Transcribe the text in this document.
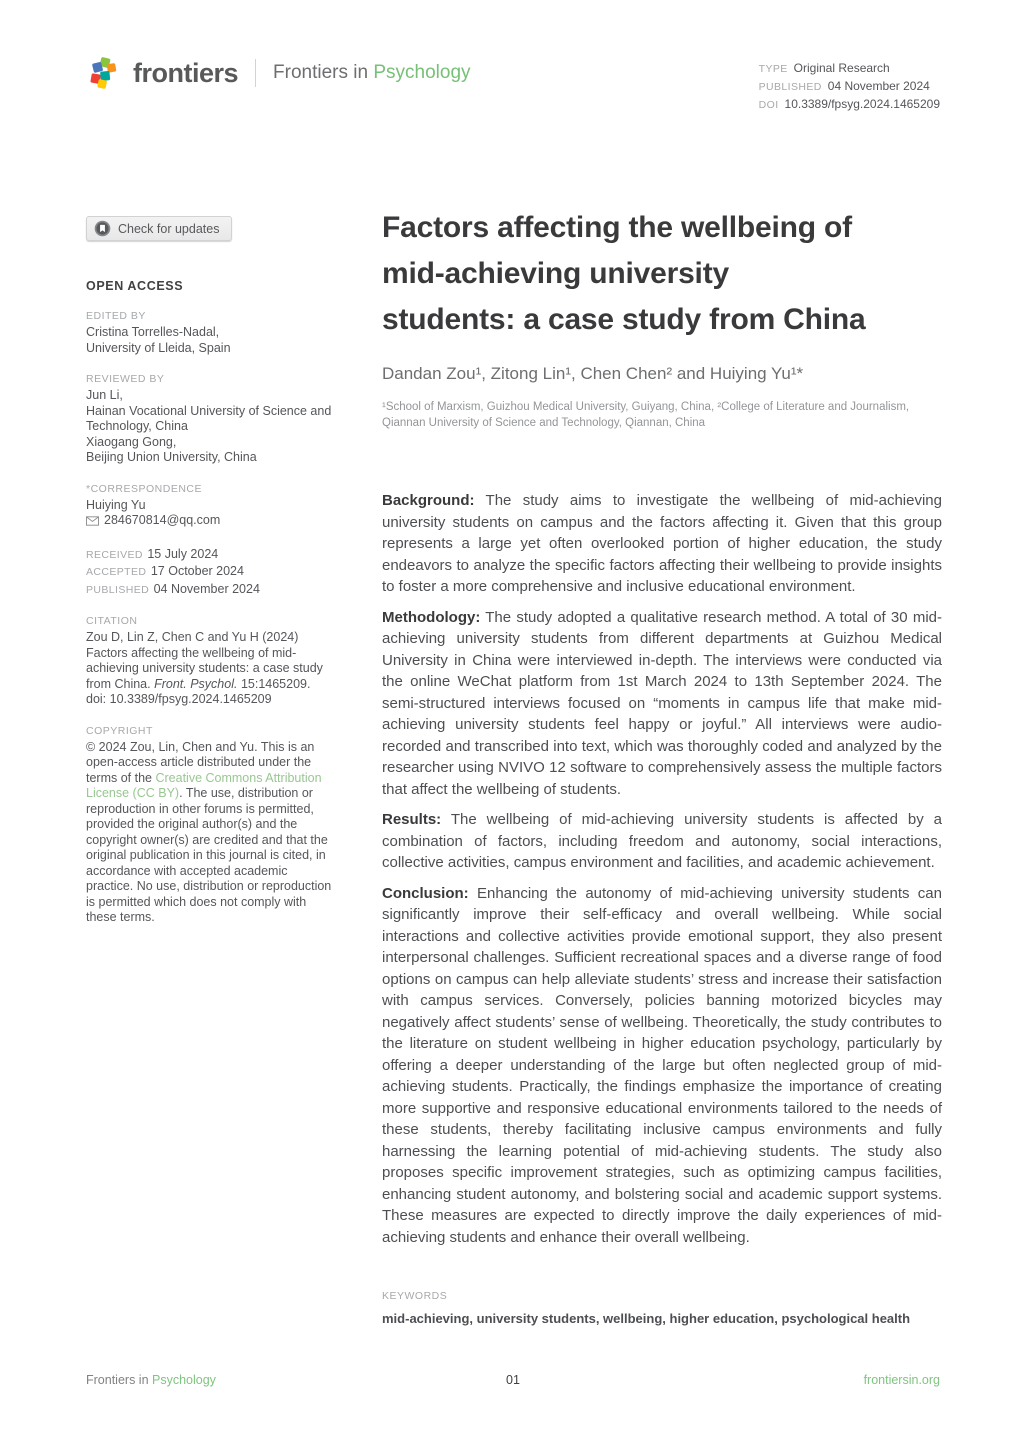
frontiers Frontiers in Psychology	TYPE Original Research
PUBLISHED 04 November 2024
DOI 10.3389/fpsyg.2024.1465209
Check for updates
OPEN ACCESS
EDITED BY
Cristina Torrelles-Nadal,
University of Lleida, Spain
REVIEWED BY
Jun Li,
Hainan Vocational University of Science and
Technology, China
Xiaogang Gong,
Beijing Union University, China
*CORRESPONDENCE
Huiying Yu
284670814@qq.com
RECEIVED 15 July 2024
ACCEPTED 17 October 2024
PUBLISHED 04 November 2024
CITATION
Zou D, Lin Z, Chen C and Yu H (2024) Factors affecting the wellbeing of mid-achieving university students: a case study from China. Front. Psychol. 15:1465209.
doi: 10.3389/fpsyg.2024.1465209
COPYRIGHT
© 2024 Zou, Lin, Chen and Yu. This is an open-access article distributed under the terms of the Creative Commons Attribution License (CC BY). The use, distribution or reproduction in other forums is permitted, provided the original author(s) and the copyright owner(s) are credited and that the original publication in this journal is cited, in accordance with accepted academic practice. No use, distribution or reproduction is permitted which does not comply with these terms.
Factors affecting the wellbeing of
mid-achieving university
students: a case study from China
Dandan Zou¹, Zitong Lin¹, Chen Chen² and Huiying Yu¹*
¹School of Marxism, Guizhou Medical University, Guiyang, China, ²College of Literature and Journalism, Qiannan University of Science and Technology, Qiannan, China

Background: The study aims to investigate the wellbeing of mid-achieving university students on campus and the factors affecting it. Given that this group represents a large yet often overlooked portion of higher education, the study endeavors to analyze the specific factors affecting their wellbeing to provide insights to foster a more comprehensive and inclusive educational environment.

Methodology: The study adopted a qualitative research method. A total of 30 mid-achieving university students from different departments at Guizhou Medical University in China were interviewed in-depth. The interviews were conducted via the online WeChat platform from 1st March 2024 to 13th September 2024. The semi-structured interviews focused on “moments in campus life that make mid-achieving university students feel happy or joyful.” All interviews were audio-recorded and transcribed into text, which was thoroughly coded and analyzed by the researcher using NVIVO 12 software to comprehensively assess the multiple factors that affect the wellbeing of students.

Results: The wellbeing of mid-achieving university students is affected by a combination of factors, including freedom and autonomy, social interactions, collective activities, campus environment and facilities, and academic achievement.

Conclusion: Enhancing the autonomy of mid-achieving university students can significantly improve their self-efficacy and overall wellbeing. While social interactions and collective activities provide emotional support, they also present interpersonal challenges. Sufficient recreational spaces and a diverse range of food options on campus can help alleviate students’ stress and increase their satisfaction with campus services. Conversely, policies banning motorized bicycles may negatively affect students’ sense of wellbeing. Theoretically, the study contributes to the literature on student wellbeing in higher education psychology, particularly by offering a deeper understanding of the large but often neglected group of mid-achieving students. Practically, the findings emphasize the importance of creating more supportive and responsive educational environments tailored to the needs of these students, thereby facilitating inclusive campus environments and fully harnessing the learning potential of mid-achieving students. The study also proposes specific improvement strategies, such as optimizing campus facilities, enhancing student autonomy, and bolstering social and academic support systems. These measures are expected to directly improve the daily experiences of mid-achieving students and enhance their overall wellbeing.

KEYWORDS
mid-achieving, university students, wellbeing, higher education, psychological health
Frontiers in Psychology	01	frontiersin.org
